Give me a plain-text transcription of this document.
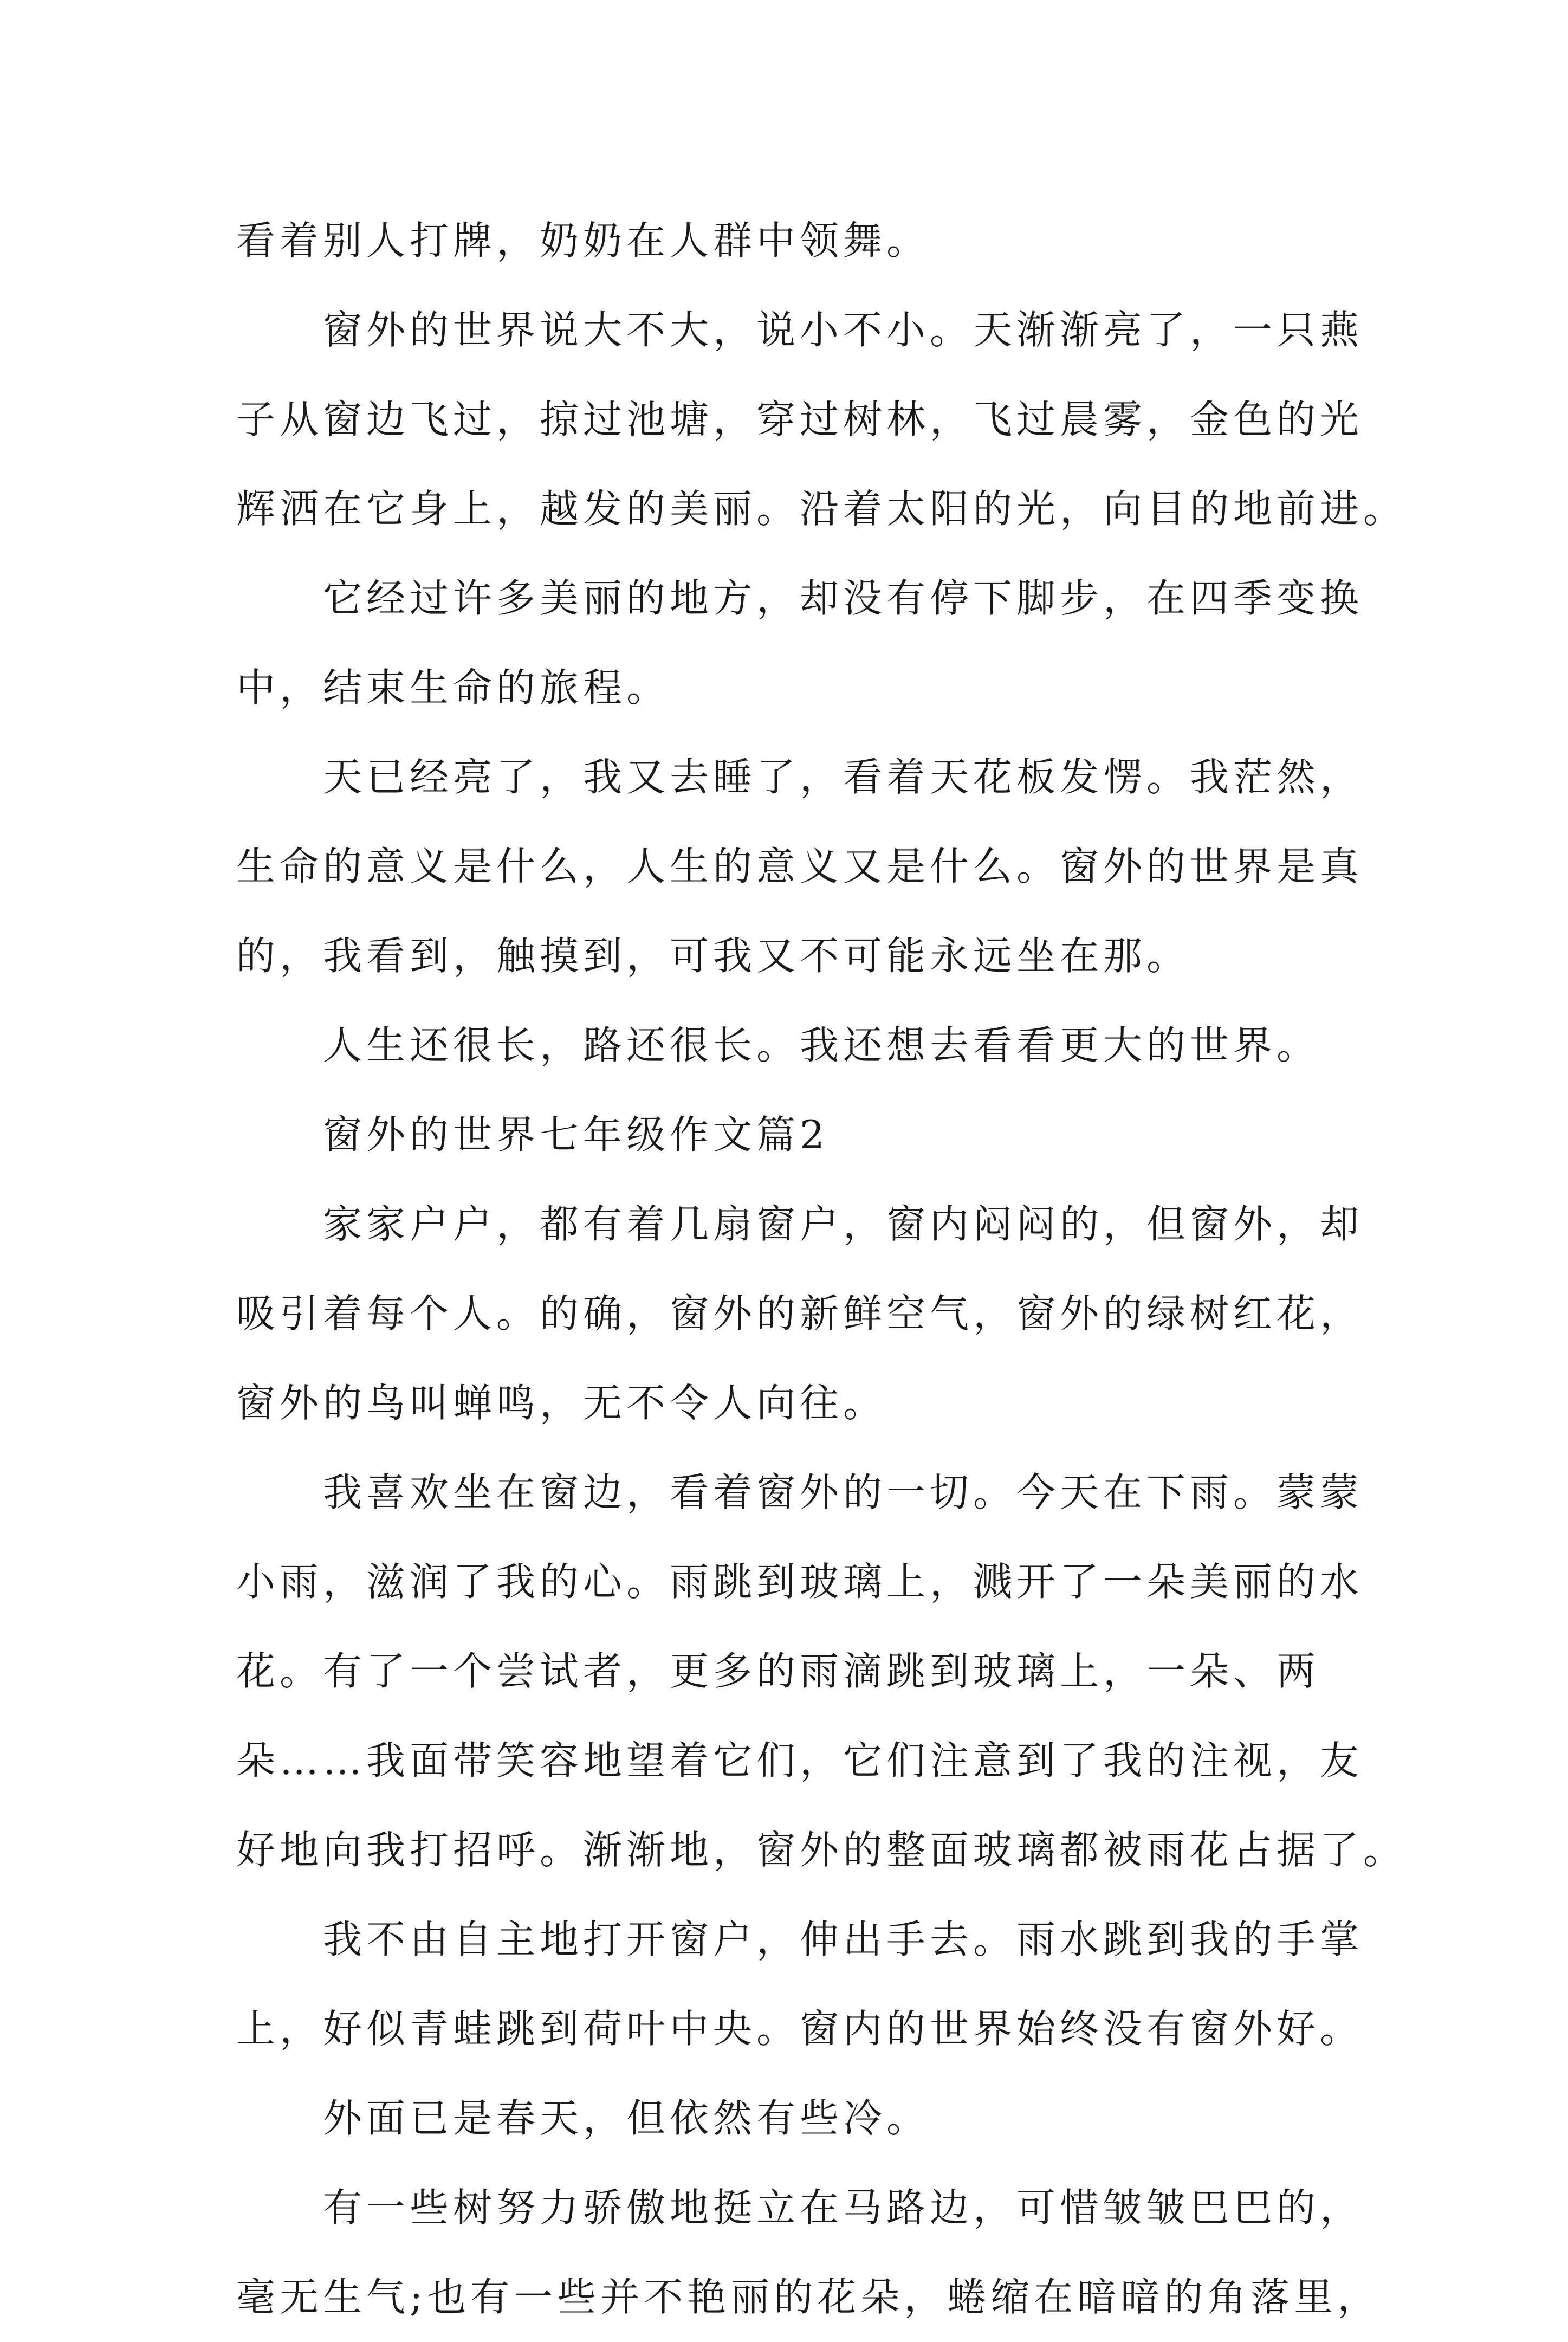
看着别人打牌，奶奶在人群中领舞。
窗外的世界说大不大，说小不小。天渐渐亮了，一只燕
子从窗边飞过，掠过池塘，穿过树林，飞过晨雾，金色的光
辉洒在它身上，越发的美丽。沿着太阳的光，向目的地前进。
它经过许多美丽的地方，却没有停下脚步，在四季变换
中，结束生命的旅程。
天已经亮了，我又去睡了，看着天花板发愣。我茫然，
生命的意义是什么，人生的意义又是什么。窗外的世界是真
的，我看到，触摸到，可我又不可能永远坐在那。
人生还很长，路还很长。我还想去看看更大的世界。
窗外的世界七年级作文篇2
家家户户，都有着几扇窗户，窗内闷闷的，但窗外，却
吸引着每个人。的确，窗外的新鲜空气，窗外的绿树红花，
窗外的鸟叫蝉鸣，无不令人向往。
我喜欢坐在窗边，看着窗外的一切。今天在下雨。蒙蒙
小雨，滋润了我的心。雨跳到玻璃上，溅开了一朵美丽的水
花。有了一个尝试者，更多的雨滴跳到玻璃上，一朵、两
朵……我面带笑容地望着它们，它们注意到了我的注视，友
好地向我打招呼。渐渐地，窗外的整面玻璃都被雨花占据了。
我不由自主地打开窗户，伸出手去。雨水跳到我的手掌
上，好似青蛙跳到荷叶中央。窗内的世界始终没有窗外好。
外面已是春天，但依然有些冷。
有一些树努力骄傲地挺立在马路边，可惜皱皱巴巴的，
毫无生气;也有一些并不艳丽的花朵，蜷缩在暗暗的角落里，
